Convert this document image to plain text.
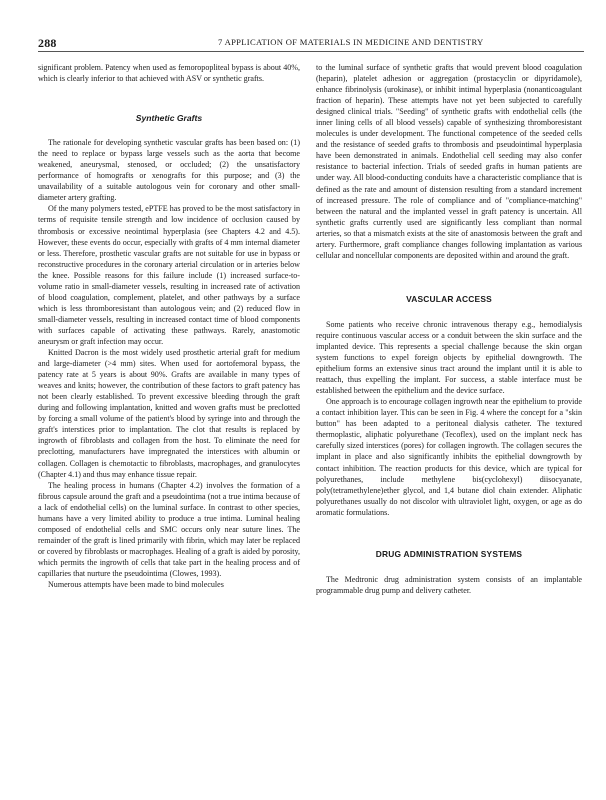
288	7 APPLICATION OF MATERIALS IN MEDICINE AND DENTISTRY

significant problem. Patency when used as femoropopliteal bypass is about 40%, which is clearly inferior to that achieved with ASV or synthetic grafts.

Synthetic Grafts

The rationale for developing synthetic vascular grafts has been based on: (1) the need to replace or bypass large vessels such as the aorta that become weakened, aneurysmal, stenosed, or occluded; (2) the unsatisfactory performance of homografts or xenografts for this purpose; and (3) the unavailability of a suitable autologous vein for coronary and other small-diameter artery grafting.

Of the many polymers tested, ePTFE has proved to be the most satisfactory in terms of requisite tensile strength and low incidence of occlusion caused by thrombosis or excessive neointimal hyperplasia (see Chapters 4.2 and 4.5). However, these events do occur, especially with grafts of 4 mm internal diameter or less. Therefore, prosthetic vascular grafts are not suitable for use in bypass or reconstructive procedures in the coronary arterial circulation or in arteries below the knee. Possible reasons for this failure include (1) increased surface-to-volume ratio in small-diameter vessels, resulting in increased rate of activation of blood coagulation, complement, platelet, and other pathways by a surface which is less thromboresistant than autologous vein; and (2) reduced flow in small-diameter vessels, resulting in increased contact time of blood components with surfaces capable of activating these pathways. Rarely, anastomotic aneurysm or graft infection may occur.

Knitted Dacron is the most widely used prosthetic arterial graft for medium and large-diameter (>4 mm) sites. When used for aortofemoral bypass, the patency rate at 5 years is about 90%. Grafts are available in many types of weaves and knits; however, the contribution of these factors to graft patency has not been clearly established. To prevent excessive bleeding through the graft during and following implantation, knitted and woven grafts must be preclotted by forcing a small volume of the patient's blood by syringe into and through the graft's interstices prior to implantation. The clot that results is replaced by ingrowth of fibroblasts and collagen from the host. To eliminate the need for preclotting, manufacturers have impregnated the interstices with albumin or collagen. Collagen is chemotactic to fibroblasts, macrophages, and granulocytes (Chapter 4.1) and thus may enhance tissue repair.

The healing process in humans (Chapter 4.2) involves the formation of a fibrous capsule around the graft and a pseudointima (not a true intima because of a lack of endothelial cells) on the luminal surface. In contrast to other species, humans have a very limited ability to produce a true intima. Luminal healing composed of endothelial cells and SMC occurs only near suture lines. The remainder of the graft is lined primarily with fibrin, which may later be replaced or covered by fibroblasts or macrophages. Healing of a graft is aided by porosity, which permits the ingrowth of cells that take part in the healing process and of capillaries that nurture the pseudointima (Clowes, 1993).

Numerous attempts have been made to bind molecules

to the luminal surface of synthetic grafts that would prevent blood coagulation (heparin), platelet adhesion or aggregation (prostacyclin or dipyridamole), enhance fibrinolysis (urokinase), or inhibit intimal hyperplasia (nonanticoagulant fraction of heparin). These attempts have not yet been subjected to carefully designed clinical trials. "Seeding" of synthetic grafts with endothelial cells (the inner lining cells of all blood vessels) capable of synthesizing thromboresistant molecules is under development. The functional competence of the seeded cells and the resistance of seeded grafts to thrombosis and pseudointimal hyperplasia have been demonstrated in animals. Endothelial cell seeding may also confer resistance to bacterial infection. Trials of seeded grafts in human patients are under way. All blood-conducting conduits have a characteristic compliance that is defined as the rate and amount of distension resulting from a standard increment of increased pressure. The role of compliance and of "compliance-matching" between the natural and the implanted vessel in graft patency is uncertain. All synthetic grafts currently used are significantly less compliant than normal arteries, so that a mismatch exists at the site of anastomosis between the graft and artery. Furthermore, graft compliance changes following implantation as various cellular and noncellular components are deposited within and around the graft.

VASCULAR ACCESS

Some patients who receive chronic intravenous therapy e.g., hemodialysis require continuous vascular access or a conduit between the skin surface and the implanted device. This represents a special challenge because the skin organ system functions to expel foreign objects by epithelial downgrowth. The epithelium forms an extensive sinus tract around the implant until it is able to reattach, thus expelling the implant. For success, a stable interface must be established between the epithelium and the device surface.

One approach is to encourage collagen ingrowth near the epithelium to provide a contact inhibition layer. This can be seen in Fig. 4 where the concept for a "skin button" has been adapted to a peritoneal dialysis catheter. The textured thermoplastic, aliphatic polyurethane (Tecoflex), used on the implant neck has carefully sized interstices (pores) for collagen ingrowth. The collagen secures the implant in place and also significantly inhibits the epithelial downgrowth by contact inhibition. The reaction products for this device, which are typical for polyurethanes, include methylene bis(cyclohexyl) diisocyanate, poly(tetramethylene)ether glycol, and 1,4 butane diol chain extender. Aliphatic polyurethanes usually do not discolor with ultraviolet light, oxygen, or age as do aromatic formulations.

DRUG ADMINISTRATION SYSTEMS

The Medtronic drug administration system consists of an implantable programmable drug pump and delivery catheter.
